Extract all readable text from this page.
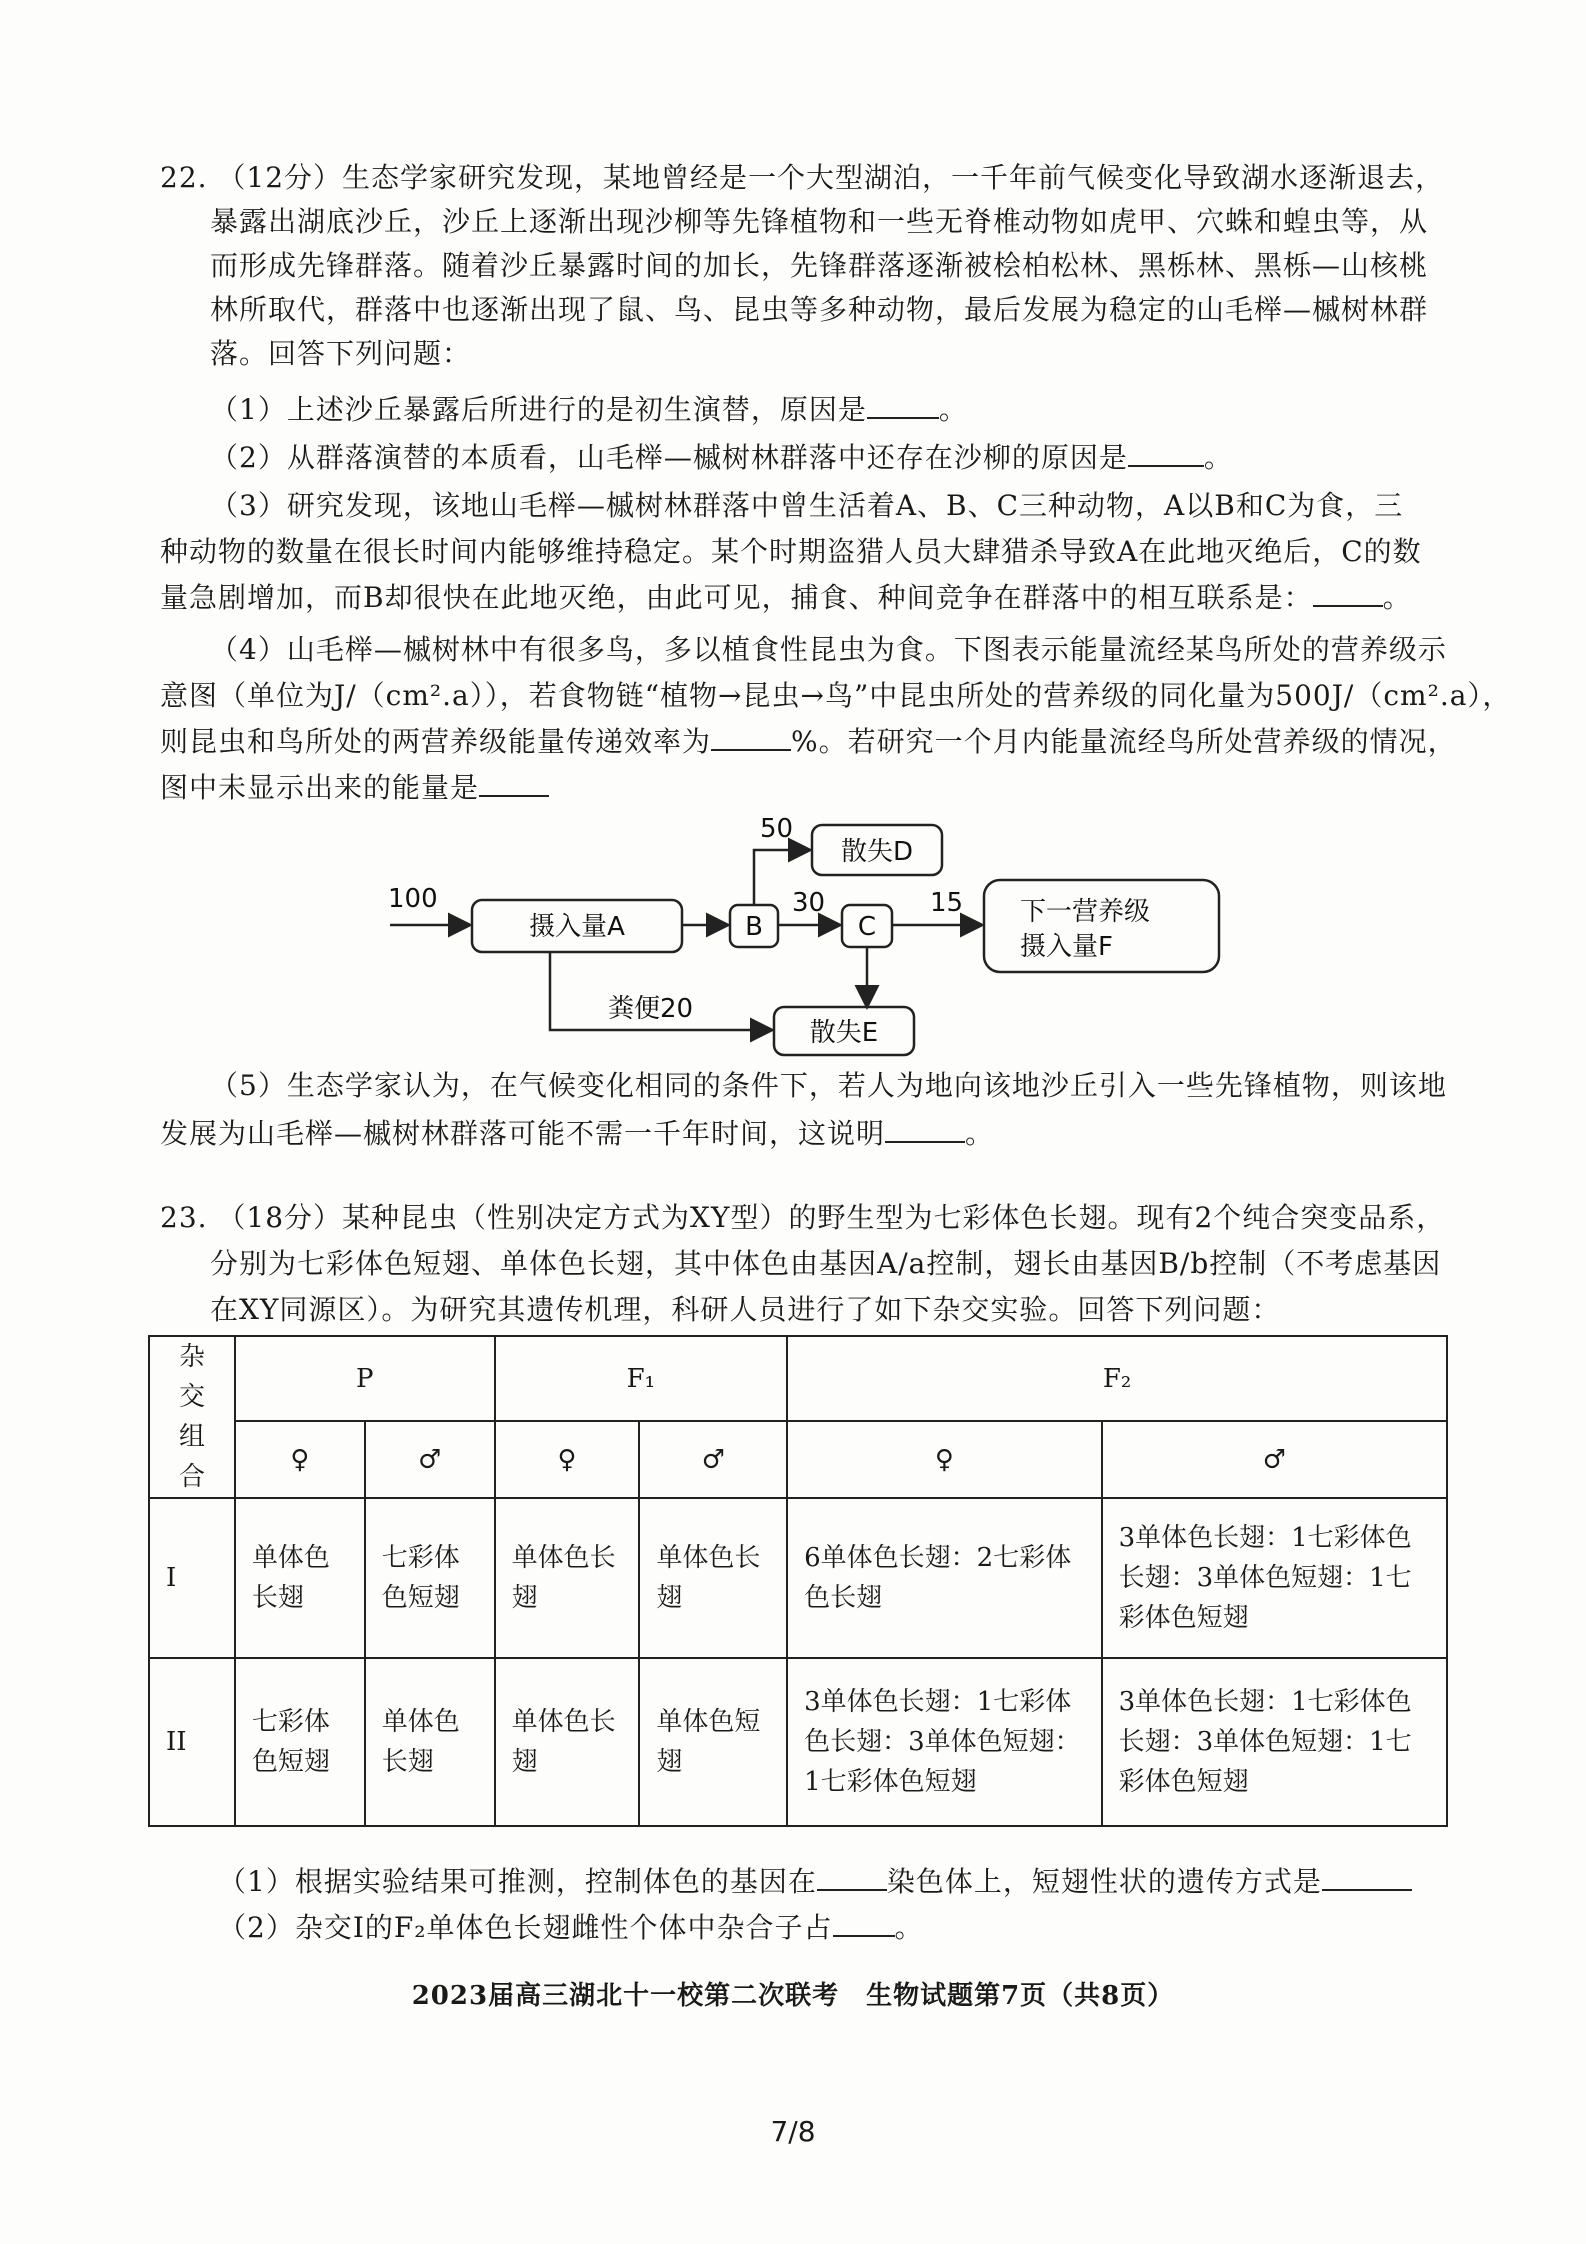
22. （12分）生态学家研究发现，某地曾经是一个大型湖泊，一千年前气候变化导致湖水逐渐退去，
暴露出湖底沙丘，沙丘上逐渐出现沙柳等先锋植物和一些无脊椎动物如虎甲、穴蛛和蝗虫等，从
而形成先锋群落。随着沙丘暴露时间的加长，先锋群落逐渐被桧柏松林、黑栎林、黑栎—山核桃
林所取代，群落中也逐渐出现了鼠、鸟、昆虫等多种动物，最后发展为稳定的山毛榉—槭树林群
落。回答下列问题：
（1）上述沙丘暴露后所进行的是初生演替，原因是	。
（2）从群落演替的本质看，山毛榉—槭树林群落中还存在沙柳的原因是	。
（3）研究发现，该地山毛榉—槭树林群落中曾生活着A、B、C三种动物，A以B和C为食，三
种动物的数量在很长时间内能够维持稳定。某个时期盗猎人员大肆猎杀导致A在此地灭绝后，C的数
量急剧增加，而B却很快在此地灭绝，由此可见，捕食、种间竞争在群落中的相互联系是：	。
（4）山毛榉—槭树林中有很多鸟，多以植食性昆虫为食。下图表示能量流经某鸟所处的营养级示
意图（单位为J/（cm².a）），若食物链“植物→昆虫→鸟”中昆虫所处的营养级的同化量为500J/（cm².a），
则昆虫和鸟所处的两营养级能量传递效率为	%。若研究一个月内能量流经鸟所处营养级的情况，
图中未显示出来的能量是
100
摄入量A	B
50
散失D
30
C
15 下一营养级
摄入量F
粪便20
散失E
（5）生态学家认为，在气候变化相同的条件下，若人为地向该地沙丘引入一些先锋植物，则该地
发展为山毛榉—槭树林群落可能不需一千年时间，这说明	。
23. （18分）某种昆虫（性别决定方式为XY型）的野生型为七彩体色长翅。现有2个纯合突变品系，
分别为七彩体色短翅、单体色长翅，其中体色由基因A/a控制，翅长由基因B/b控制（不考虑基因
在XY同源区）。为研究其遗传机理，科研人员进行了如下杂交实验。回答下列问题：
杂交组合	P		F₁		F₂	
	♀	♂	♀	♂	♀	♂
I	单体色长翅	七彩体色短翅	单体色长翅	单体色长翅	6单体色长翅：2七彩体色长翅	3单体色长翅：1七彩体色长翅：3单体色短翅：1七彩体色短翅
II	七彩体色短翅	单体色长翅	单体色长翅	单体色短翅	3单体色长翅：1七彩体色长翅：3单体色短翅：1七彩体色短翅	3单体色长翅：1七彩体色长翅：3单体色短翅：1七彩体色短翅
（1）根据实验结果可推测，控制体色的基因在	染色体上，短翅性状的遗传方式是
（2）杂交I的F₂单体色长翅雌性个体中杂合子占 。
2023届高三湖北十一校第二次联考　生物试题第7页（共8页）
7/8
